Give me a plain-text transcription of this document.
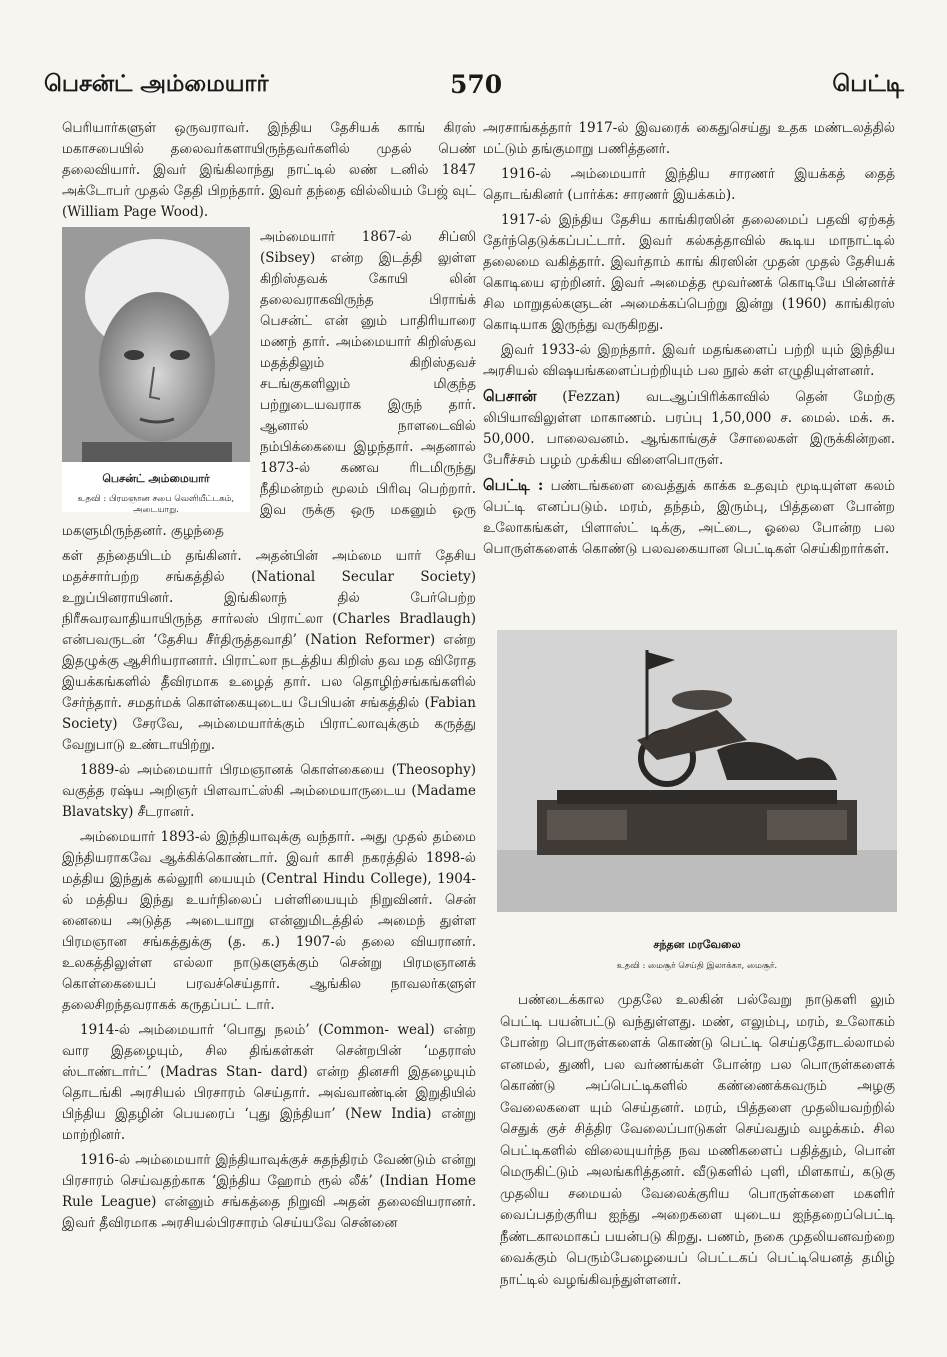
பெசன்ட் அம்மையார்	570	பெட்டி

பெரியார்களுள் ஒருவராவர். இந்திய தேசியக் காங் கிரஸ் மகாசபையில் தலைவர்களாயிருந்தவர்களில் முதல் பெண் தலைவியார். இவர் இங்கிலாந்து நாட்டில் லண் டனில் 1847 அக்டோபர் முதல் தேதி பிறந்தார். இவர் தந்தை வில்லியம் பேஜ் வுட் (William Page Wood).

பெசன்ட் அம்மையார்
உதவி : பிரமஞான சபை வெளியீட்டகம், அடையாறு.

அம்மையார் 1867-ல் சிப்ஸி (Sibsey) என்ற இடத்தி லுள்ள கிறிஸ்தவக் கோயி லின் தலைவராகவிருந்த பிராங்க் பெசன்ட் என் னும் பாதிரியாரை மணந் தார். அம்மையார் கிறிஸ்தவ மதத்திலும் கிறிஸ்தவச் சடங்குகளிலும் மிகுந்த பற்றுடையவராக இருந் தார். ஆனால் நாளடைவில் நம்பிக்கையை இழந்தார். அதனால் 1873-ல் கணவ ரிடமிருந்து நீதிமன்றம் மூலம் பிரிவு பெற்றார். இவ ருக்கு ஒரு மகனும் ஒரு மகளுமிருந்தனர். குழந்தை

கள் தந்தையிடம் தங்கினர். அதன்பின் அம்மை யார் தேசிய மதச்சார்பற்ற சங்கத்தில் (National Secular Society) உறுப்பினராயினர். இங்கிலாந் தில் பேர்பெற்ற நிரீசுவரவாதியாயிருந்த சார்லஸ் பிராட்லா (Charles Bradlaugh) என்பவருடன் ‘தேசிய சீர்திருத்தவாதி’ (Nation Reformer) என்ற இதழுக்கு ஆசிரியரானார். பிராட்லா நடத்திய கிறிஸ் தவ மத விரோத இயக்கங்களில் தீவிரமாக உழைத் தார். பல தொழிற்சங்கங்களில் சேர்ந்தார். சமதர்மக் கொள்கையுடைய பேபியன் சங்கத்தில் (Fabian Society) சேரவே, அம்மையார்க்கும் பிராட்லாவுக்கும் கருத்து வேறுபாடு உண்டாயிற்று.

1889-ல் அம்மையார் பிரமஞானக் கொள்கையை (Theosophy) வகுத்த ரஷ்ய அறிஞர் பிளவாட்ஸ்கி அம்மையாருடைய (Madame Blavatsky) சீடரானர்.

அம்மையார் 1893-ல் இந்தியாவுக்கு வந்தார். அது முதல் தம்மை இந்தியராகவே ஆக்கிக்கொண்டார். இவர் காசி நகரத்தில் 1898-ல் மத்திய இந்துக் கல்லூரி யையும் (Central Hindu College), 1904-ல் மத்திய இந்து உயர்நிலைப் பள்ளியையும் நிறுவினர். சென் னையை அடுத்த அடையாறு என்னுமிடத்தில் அமைந் துள்ள பிரமஞான சங்கத்துக்கு (த. க.) 1907-ல் தலை வியரானர். உலகத்திலுள்ள எல்லா நாடுகளுக்கும் சென்று பிரமஞானக் கொள்கையைப் பரவச்செய்தார். ஆங்கில நாவலர்களுள் தலைசிறந்தவராகக் கருதப்பட் டார்.

1914-ல் அம்மையார் ‘பொது நலம்’ (Common- weal) என்ற வார இதழையும், சில திங்கள்கள் சென்றபின் ‘மதராஸ் ஸ்டாண்டார்ட்’ (Madras Stan- dard) என்ற தினசரி இதழையும் தொடங்கி அரசியல் பிரசாரம் செய்தார். அவ்வாண்டின் இறுதியில் பிந்திய இதழின் பெயரைப் ‘புது இந்தியா’ (New India) என்று மாற்றினர்.

1916-ல் அம்மையார் இந்தியாவுக்குச் சுதந்திரம் வேண்டும் என்று பிரசாரம் செய்வதற்காக ‘இந்திய ஹோம் ரூல் லீக்’ (Indian Home Rule League) என்னும் சங்கத்தை நிறுவி அதன் தலைவியரானர். இவர் தீவிரமாக அரசியல்பிரசாரம் செய்யவே சென்னை

அரசாங்கத்தார் 1917-ல் இவரைக் கைதுசெய்து உதக மண்டலத்தில் மட்டும் தங்குமாறு பணித்தனர்.

1916-ல் அம்மையார் இந்திய சாரணர் இயக்கத் தைத் தொடங்கினர் (பார்க்க: சாரணர் இயக்கம்).

1917-ல் இந்திய தேசிய காங்கிரஸின் தலைமைப் பதவி ஏற்கத் தேர்ந்தெடுக்கப்பட்டார். இவர் கல்கத்தாவில் கூடிய மாநாட்டில் தலைமை வகித்தார். இவர்தாம் காங் கிரஸின் முதன் முதல் தேசியக் கொடியை ஏற்றினர். இவர் அமைத்த மூவர்ணக் கொடியே பின்னர்ச் சில மாறுதல்களுடன் அமைக்கப்பெற்று இன்று (1960) காங்கிரஸ் கொடியாக இருந்து வருகிறது.

இவர் 1933-ல் இறந்தார். இவர் மதங்களைப் பற்றி யும் இந்திய அரசியல் விஷயங்களைப்பற்றியும் பல நூல் கள் எழுதியுள்ளனர்.

பெசான் (Fezzan) வடஆப்பிரிக்காவில் தென் மேற்கு லிபியாவிலுள்ள மாகாணம். பரப்பு 1,50,000 ச. மைல். மக். சு. 50,000. பாலைவனம். ஆங்காங்குச் சோலைகள் இருக்கின்றன. பேரீச்சம் பழம் முக்கிய விளைபொருள்.

பெட்டி : பண்டங்களை வைத்துக் காக்க உதவும் மூடியுள்ள கலம் பெட்டி எனப்படும். மரம், தந்தம், இரும்பு, பித்தளை போன்ற உலோகங்கள், பிளாஸ்ட் டிக்கு, அட்டை, ஓலை போன்ற பல பொருள்களைக் கொண்டு பலவகையான பெட்டிகள் செய்கிறார்கள்.

சந்தன மரவேலை
உதவி : மைசூர் செய்தி இலாக்கா, மைசூர்.

பண்டைக்கால முதலே உலகின் பல்வேறு நாடுகளி லும் பெட்டி பயன்பட்டு வந்துள்ளது. மண், எலும்பு, மரம், உலோகம் போன்ற பொருள்களைக் கொண்டு பெட்டி செய்ததோடல்லாமல் எனமல், துணி, பல வர்ணங்கள் போன்ற பல பொருள்களைக் கொண்டு அப்பெட்டிகளில் கண்ணைக்கவரும் அழகு வேலைகளை யும் செய்தனர். மரம், பித்தளை முதலியவற்றில் செதுக் குச் சித்திர வேலைப்பாடுகள் செய்வதும் வழக்கம். சில பெட்டிகளில் விலையுயர்ந்த நவ மணிகளைப் பதித்தும், பொன் மெருகிட்டும் அலங்கரித்தனர். வீடுகளில் புளி, மிளகாய், கடுகு முதலிய சமையல் வேலைக்குரிய பொருள்களை மகளிர் வைப்பதற்குரிய ஐந்து அறைகளை யுடைய ஐந்தறைப்பெட்டி நீண்டகாலமாகப் பயன்படு கிறது. பணம், நகை முதலியனவற்றை வைக்கும் பெரும்பேழையைப் பெட்டகப் பெட்டியெனத் தமிழ் நாட்டில் வழங்கிவந்துள்ளனர்.
